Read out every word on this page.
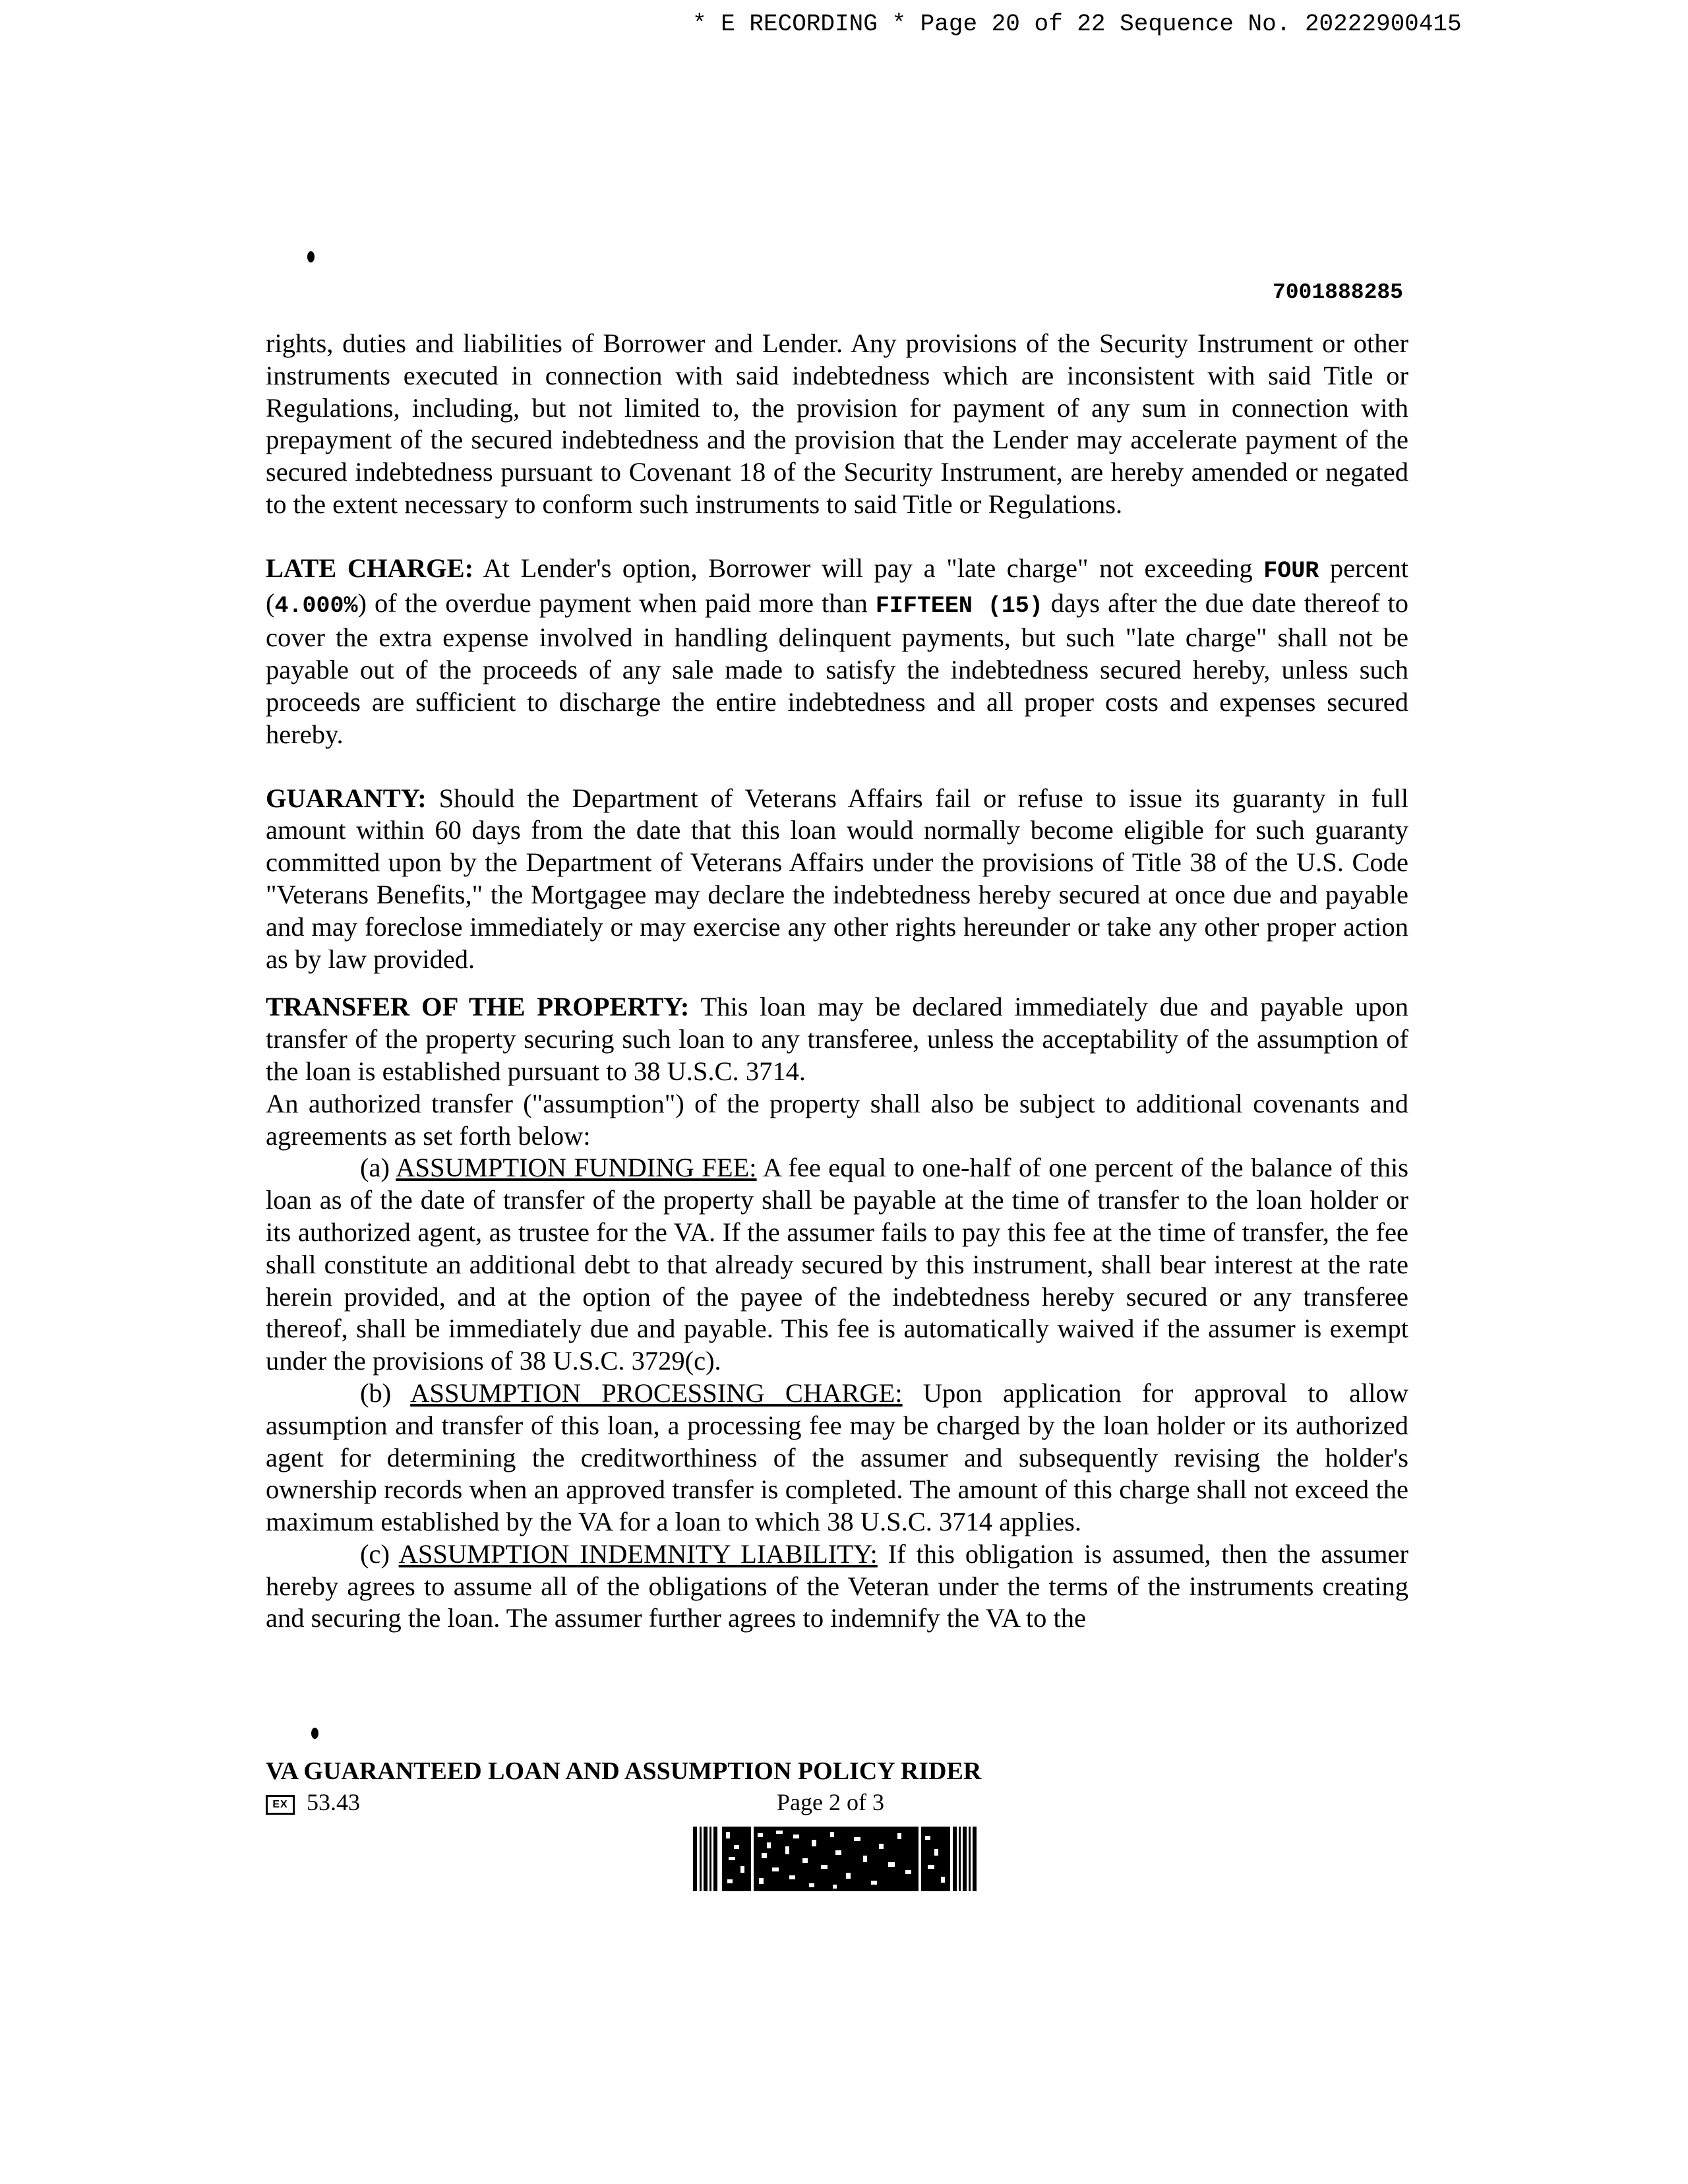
* E RECORDING * Page 20 of 22 Sequence No. 20222900415
7001888285

rights, duties and liabilities of Borrower and Lender. Any provisions of the Security Instrument or other instruments executed in connection with said indebtedness which are inconsistent with said Title or Regulations, including, but not limited to, the provision for payment of any sum in connection with prepayment of the secured indebtedness and the provision that the Lender may accelerate payment of the secured indebtedness pursuant to Covenant 18 of the Security Instrument, are hereby amended or negated to the extent necessary to conform such instruments to said Title or Regulations.

LATE CHARGE: At Lender's option, Borrower will pay a "late charge" not exceeding FOUR percent (4.000%) of the overdue payment when paid more than FIFTEEN (15) days after the due date thereof to cover the extra expense involved in handling delinquent payments, but such "late charge" shall not be payable out of the proceeds of any sale made to satisfy the indebtedness secured hereby, unless such proceeds are sufficient to discharge the entire indebtedness and all proper costs and expenses secured hereby.

GUARANTY: Should the Department of Veterans Affairs fail or refuse to issue its guaranty in full amount within 60 days from the date that this loan would normally become eligible for such guaranty committed upon by the Department of Veterans Affairs under the provisions of Title 38 of the U.S. Code "Veterans Benefits," the Mortgagee may declare the indebtedness hereby secured at once due and payable and may foreclose immediately or may exercise any other rights hereunder or take any other proper action as by law provided.

TRANSFER OF THE PROPERTY: This loan may be declared immediately due and payable upon transfer of the property securing such loan to any transferee, unless the acceptability of the assumption of the loan is established pursuant to 38 U.S.C. 3714.

An authorized transfer ("assumption") of the property shall also be subject to additional covenants and agreements as set forth below:

(a) ASSUMPTION FUNDING FEE: A fee equal to one-half of one percent of the balance of this loan as of the date of transfer of the property shall be payable at the time of transfer to the loan holder or its authorized agent, as trustee for the VA. If the assumer fails to pay this fee at the time of transfer, the fee shall constitute an additional debt to that already secured by this instrument, shall bear interest at the rate herein provided, and at the option of the payee of the indebtedness hereby secured or any transferee thereof, shall be immediately due and payable. This fee is automatically waived if the assumer is exempt under the provisions of 38 U.S.C. 3729(c).

(b) ASSUMPTION PROCESSING CHARGE: Upon application for approval to allow assumption and transfer of this loan, a processing fee may be charged by the loan holder or its authorized agent for determining the creditworthiness of the assumer and subsequently revising the holder's ownership records when an approved transfer is completed. The amount of this charge shall not exceed the maximum established by the VA for a loan to which 38 U.S.C. 3714 applies.

(c) ASSUMPTION INDEMNITY LIABILITY: If this obligation is assumed, then the assumer hereby agrees to assume all of the obligations of the Veteran under the terms of the instruments creating and securing the loan. The assumer further agrees to indemnify the VA to the

VA GUARANTEED LOAN AND ASSUMPTION POLICY RIDER
EX 53.43	Page 2 of 3
